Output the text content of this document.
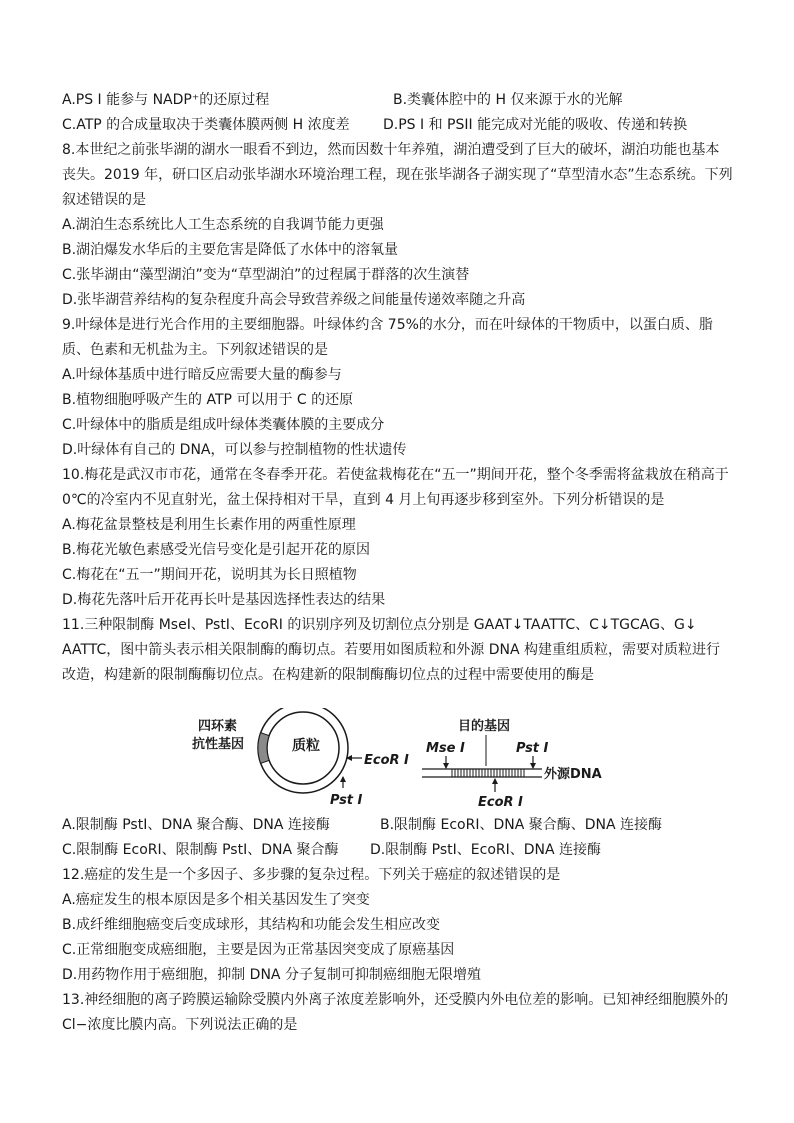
A.PS I 能参与 NADP⁺的还原过程	B.类囊体腔中的 H 仅来源于水的光解
C.ATP 的合成量取决于类囊体膜两侧 H 浓度差 D.PS I 和 PSII 能完成对光能的吸收、传递和转换
8.本世纪之前张毕湖的湖水一眼看不到边，然而因数十年养殖，湖泊遭受到了巨大的破坏，湖泊功能也基本
丧失。2019 年，研口区启动张毕湖水环境治理工程，现在张毕湖各子湖实现了“草型清水态”生态系统。下列
叙述错误的是
A.湖泊生态系统比人工生态系统的自我调节能力更强
B.湖泊爆发水华后的主要危害是降低了水体中的溶氧量
C.张毕湖由“藻型湖泊”变为“草型湖泊”的过程属于群落的次生演替
D.张毕湖营养结构的复杂程度升高会导致营养级之间能量传递效率随之升高
9.叶绿体是进行光合作用的主要细胞器。叶绿体约含 75%的水分，而在叶绿体的干物质中，以蛋白质、脂
质、色素和无机盐为主。下列叙述错误的是
A.叶绿体基质中进行暗反应需要大量的酶参与
B.植物细胞呼吸产生的 ATP 可以用于 C 的还原
C.叶绿体中的脂质是组成叶绿体类囊体膜的主要成分
D.叶绿体有自己的 DNA，可以参与控制植物的性状遗传
10.梅花是武汉市市花，通常在冬春季开花。若使盆栽梅花在“五一”期间开花，整个冬季需将盆栽放在稍高于
0℃的冷室内不见直射光，盆土保持相对干旱，直到 4 月上旬再逐步移到室外。下列分析错误的是
A.梅花盆景整枝是利用生长素作用的两重性原理
B.梅花光敏色素感受光信号变化是引起开花的原因
C.梅花在“五一”期间开花，说明其为长日照植物
D.梅花先落叶后开花再长叶是基因选择性表达的结果
11.三种限制酶 MseI、PstI、EcoRI 的识别序列及切割位点分别是 GAAT↓TAATTC、C↓TGCAG、G↓
AATTC，图中箭头表示相关限制酶的酶切点。若要用如图质粒和外源 DNA 构建重组质粒，需要对质粒进行
改造，构建新的限制酶酶切位点。在构建新的限制酶酶切位点的过程中需要使用的酶是
四环素
抗性基因	质粒
EcoR Ⅰ
Pst Ⅰ
目的基因
Mse Ⅰ	Pst Ⅰ
外源DNA
EcoR Ⅰ
A.限制酶 PstI、DNA 聚合酶、DNA 连接酶	B.限制酶 EcoRI、DNA 聚合酶、DNA 连接酶
C.限制酶 EcoRI、限制酶 PstI、DNA 聚合酶 D.限制酶 PstI、EcoRI、DNA 连接酶
12.癌症的发生是一个多因子、多步骤的复杂过程。下列关于癌症的叙述错误的是
A.癌症发生的根本原因是多个相关基因发生了突变
B.成纤维细胞癌变后变成球形，其结构和功能会发生相应改变
C.正常细胞变成癌细胞，主要是因为正常基因突变成了原癌基因
D.用药物作用于癌细胞，抑制 DNA 分子复制可抑制癌细胞无限增殖
13.神经细胞的离子跨膜运输除受膜内外离子浓度差影响外，还受膜内外电位差的影响。已知神经细胞膜外的
Cl−浓度比膜内高。下列说法正确的是
